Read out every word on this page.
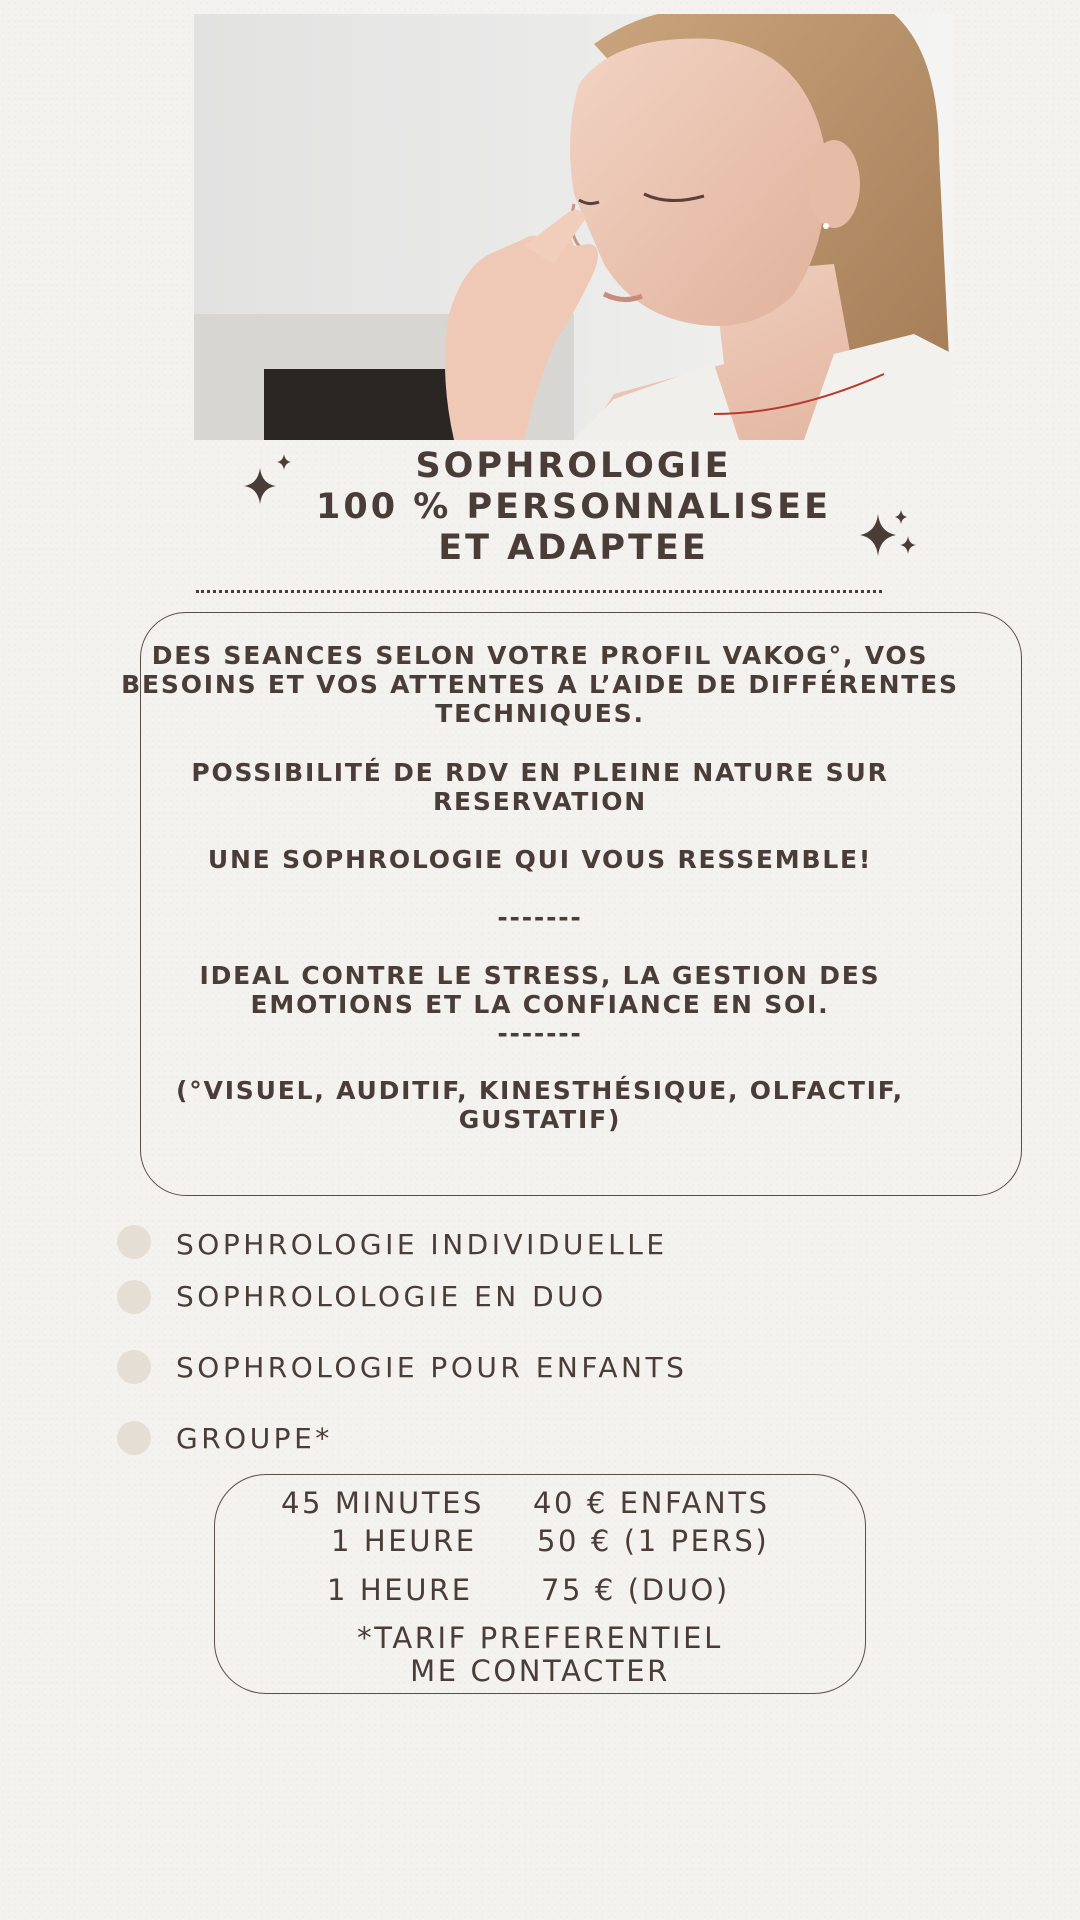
SOPHROLOGIE
100 % PERSONNALISEE
ET ADAPTEE
DES SEANCES SELON VOTRE PROFIL VAKOG°, VOS
BESOINS ET VOS ATTENTES A L’AIDE DE DIFFÉRENTES
TECHNIQUES.
POSSIBILITÉ DE RDV EN PLEINE NATURE SUR
RESERVATION
UNE SOPHROLOGIE QUI VOUS RESSEMBLE!
-------
IDEAL CONTRE LE STRESS, LA GESTION DES
EMOTIONS ET LA CONFIANCE EN SOI.
-------
(°VISUEL, AUDITIF, KINESTHÉSIQUE, OLFACTIF,
GUSTATIF)
SOPHROLOGIE INDIVIDUELLE
SOPHROLOLOGIE EN DUO
SOPHROLOGIE POUR ENFANTS
GROUPE*
45 MINUTES 40 € ENFANTS
1 HEURE 50 € (1 PERS)
1 HEURE 75 € (DUO)
*TARIF PREFERENTIEL
ME CONTACTER
